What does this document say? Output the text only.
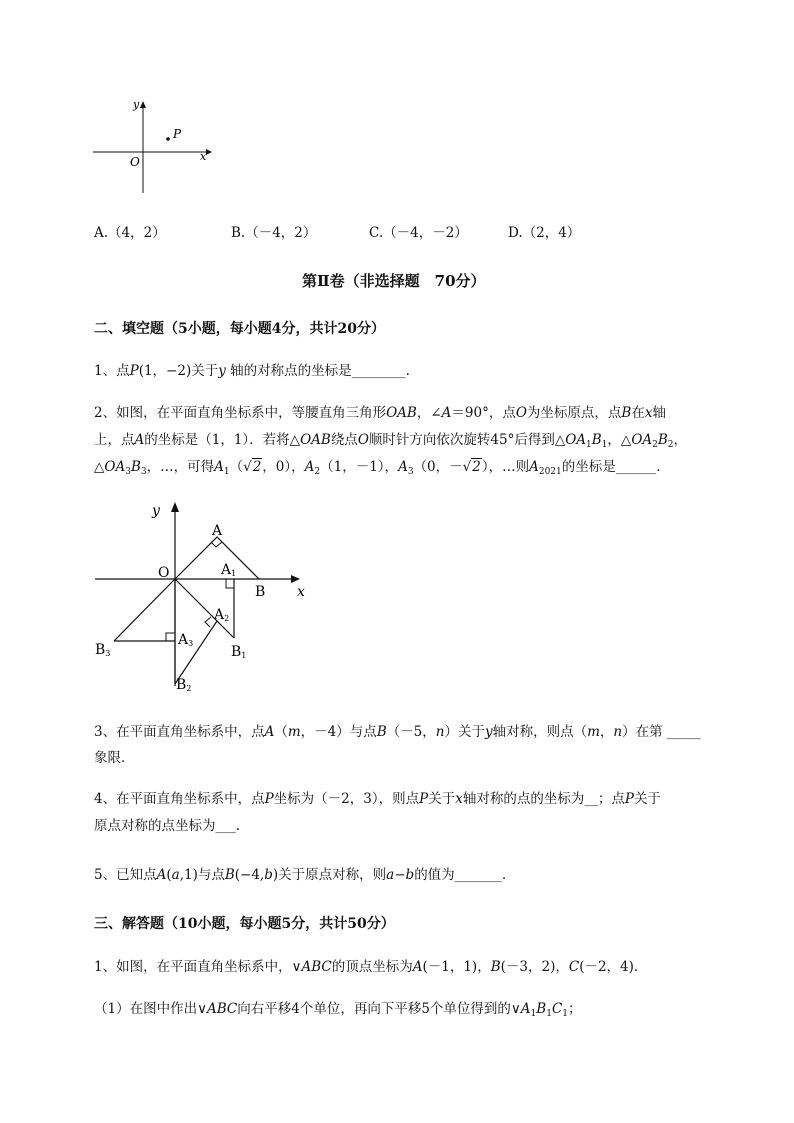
y
x
O
P
A.（4，2）	B.（－4，2）	C.（－4，－2）	D.（2，4）
第Ⅱ卷（非选择题　70分）
二、填空题（5小题，每小题4分，共计20分）
1、点P(1，−2)关于y 轴的对称点的坐标是________.
2、如图，在平面直角坐标系中，等腰直角三角形OAB，∠A＝90°，点O为坐标原点，点B在x轴
上，点A的坐标是（1，1）．若将△OAB绕点O顺时针方向依次旋转45°后得到$\triangle OA_1B_1$，$\triangle OA_2B_2$，
$\triangle OA_3B_3$，…，可得$A_1(√2$，0），$A_2(1$，－1），$A_3(0$，－√2），…则$A_{2021}$的坐标是______.
y
x
O
A
A1
B
A2
B1
B3
A3
B2
3、在平面直角坐标系中，点A（m，－4）与点B（－5，n）关于y轴对称，则点（m，n）在第 _____
象限．
4、在平面直角坐标系中，点P坐标为（－2，3），则点P关于x轴对称的点的坐标为__；点P关于
原点对称的点坐标为___.
5、已知点A(a,1)与点B(−4,b)关于原点对称，则a−b的值为_______.
三、解答题（10小题，每小题5分，共计50分）
1、如图，在平面直角坐标系中，∨ABC的顶点坐标为A(－1，1)，B(－3，2)，C(－2，4)．
（1）在图中作出∨ABC向右平移4个单位，再向下平移5个单位得到的$\vee A_1B_1C_1$；
